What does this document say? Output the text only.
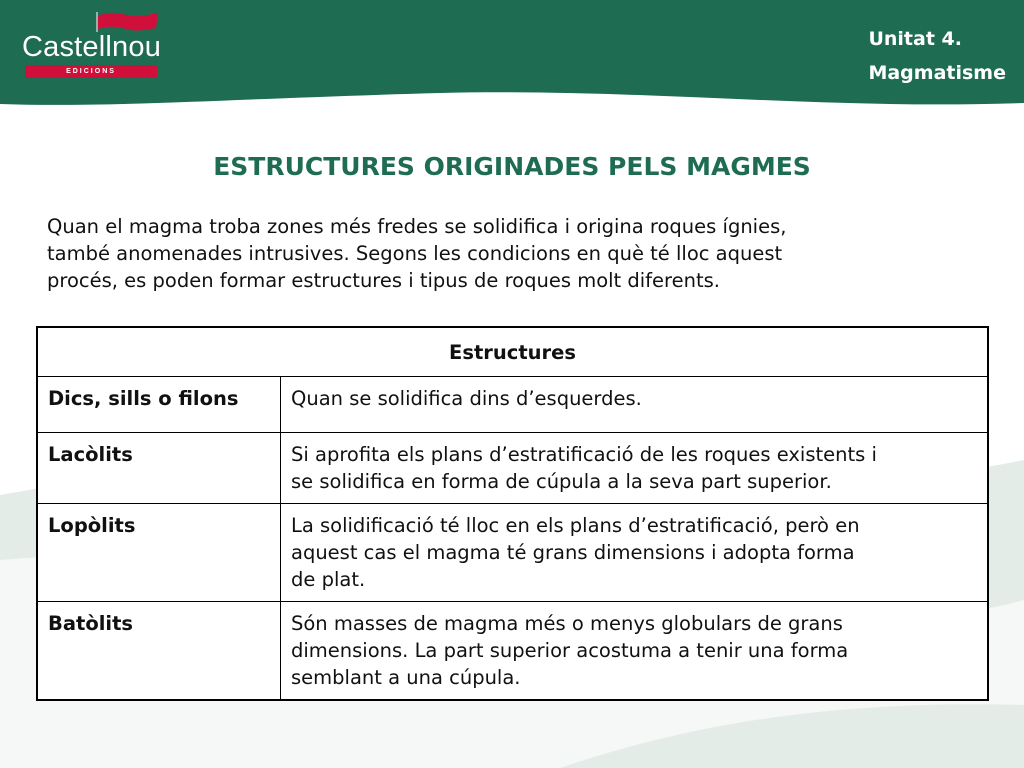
Castellnou
EDICIONS
Unitat 4.
Magmatisme
ESTRUCTURES ORIGINADES PELS MAGMES
Quan el magma troba zones més fredes se solidifica i origina roques ígnies,
també anomenades intrusives. Segons les condicions en què té lloc aquest
procés, es poden formar estructures i tipus de roques molt diferents.
Estructures	
Dics, sills o filons	Quan se solidifica dins d’esquerdes.

Lacòlits	Si aprofita els plans d’estratificació de les roques existents i
se solidifica en forma de cúpula a la seva part superior.

Lopòlits	La solidificació té lloc en els plans d’estratificació, però en
aquest cas el magma té grans dimensions i adopta forma
de plat.

Batòlits	Són masses de magma més o menys globulars de grans
dimensions. La part superior acostuma a tenir una forma
semblant a una cúpula.
